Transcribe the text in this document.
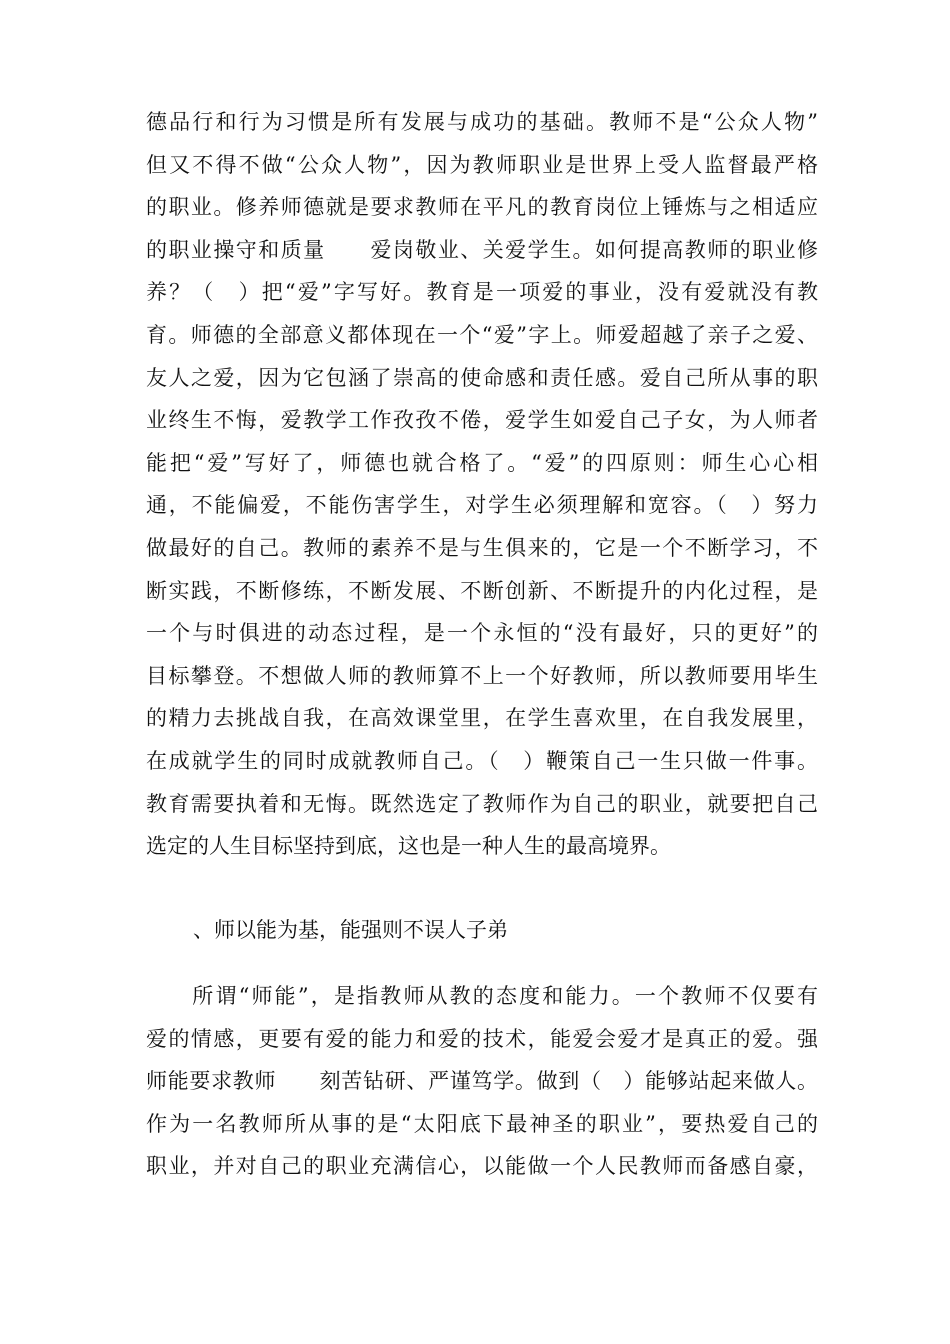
德品行和行为习惯是所有发展与成功的基础。教师不是“公众人物”
但又不得不做“公众人物”，因为教师职业是世界上受人监督最严格
的职业。修养师德就是要求教师在平凡的教育岗位上锤炼与之相适应
的职业操守和质量　　爱岗敬业、关爱学生。如何提高教师的职业修
养？（　）把“爱”字写好。教育是一项爱的事业，没有爱就没有教
育。师德的全部意义都体现在一个“爱”字上。师爱超越了亲子之爱、
友人之爱，因为它包涵了崇高的使命感和责任感。爱自己所从事的职
业终生不悔，爱教学工作孜孜不倦，爱学生如爱自己子女，为人师者
能把“爱”写好了，师德也就合格了。“爱”的四原则：师生心心相
通，不能偏爱，不能伤害学生，对学生必须理解和宽容。（　）努力
做最好的自己。教师的素养不是与生俱来的，它是一个不断学习，不
断实践，不断修练，不断发展、不断创新、不断提升的内化过程，是
一个与时俱进的动态过程，是一个永恒的“没有最好，只的更好”的
目标攀登。不想做人师的教师算不上一个好教师，所以教师要用毕生
的精力去挑战自我，在高效课堂里，在学生喜欢里，在自我发展里，
在成就学生的同时成就教师自己。（　）鞭策自己一生只做一件事。
教育需要执着和无悔。既然选定了教师作为自己的职业，就要把自己
选定的人生目标坚持到底，这也是一种人生的最高境界。
、师以能为基，能强则不误人子弟
　　所谓“师能”，是指教师从教的态度和能力。一个教师不仅要有
爱的情感，更要有爱的能力和爱的技术，能爱会爱才是真正的爱。强
师能要求教师　　刻苦钻研、严谨笃学。做到（　）能够站起来做人。
作为一名教师所从事的是“太阳底下最神圣的职业”，要热爱自己的
职业，并对自己的职业充满信心，以能做一个人民教师而备感自豪，
